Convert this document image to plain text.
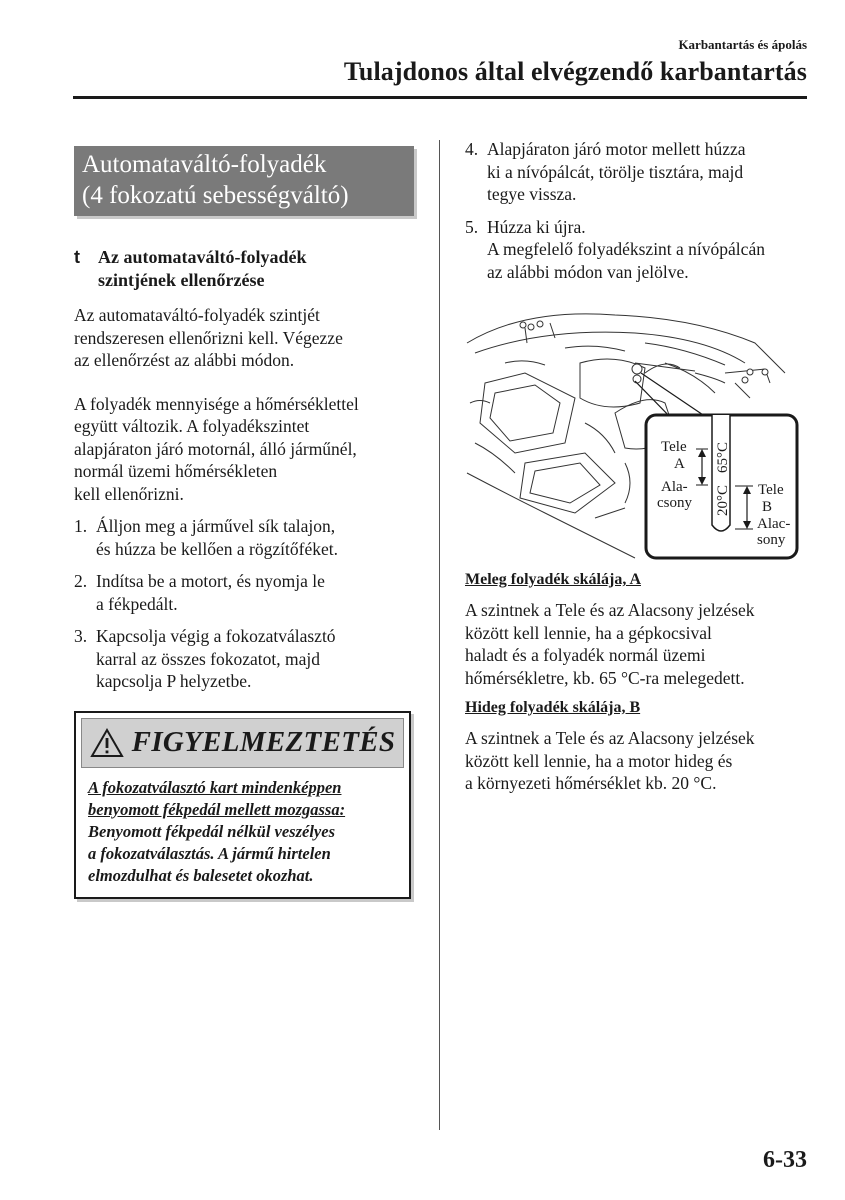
Karbantartás és ápolás
Tulajdonos által elvégzendő karbantartás
Automataváltó-folyadék
(4 fokozatú sebességváltó)
t Az automataváltó-folyadék
szintjének ellenőrzése
Az automataváltó-folyadék szintjét
rendszeresen ellenőrizni kell. Végezze
az ellenőrzést az alábbi módon.
A folyadék mennyisége a hőmérséklettel
együtt változik. A folyadékszintet
alapjáraton járó motornál, álló járműnél,
normál üzemi hőmérsékleten
kell ellenőrizni.
1. Álljon meg a járművel sík talajon,
és húzza be kellően a rögzítőféket.
2. Indítsa be a motort, és nyomja le
a fékpedált.
3. Kapcsolja végig a fokozatválasztó
karral az összes fokozatot, majd
kapcsolja P helyzetbe.
FIGYELMEZTETÉS
A fokozatválasztó kart mindenképpen
benyomott fékpedál mellett mozgassa:
Benyomott fékpedál nélkül veszélyes
a fokozatválasztás. A jármű hirtelen
elmozdulhat és balesetet okozhat.
4. Alapjáraton járó motor mellett húzza
ki a nívópálcát, törölje tisztára, majd
tegye vissza.
5. Húzza ki újra.
A megfelelő folyadékszint a nívópálcán
az alábbi módon van jelölve.
Tele
A
Ala-
csony
Tele
B
Alac-
sony
65°C
20°C
Meleg folyadék skálája, A
A szintnek a Tele és az Alacsony jelzések
között kell lennie, ha a gépkocsival
haladt és a folyadék normál üzemi
hőmérsékletre, kb. 65 °C-ra melegedett.
Hideg folyadék skálája, B
A szintnek a Tele és az Alacsony jelzések
között kell lennie, ha a motor hideg és
a környezeti hőmérséklet kb. 20 °C.
6-33
